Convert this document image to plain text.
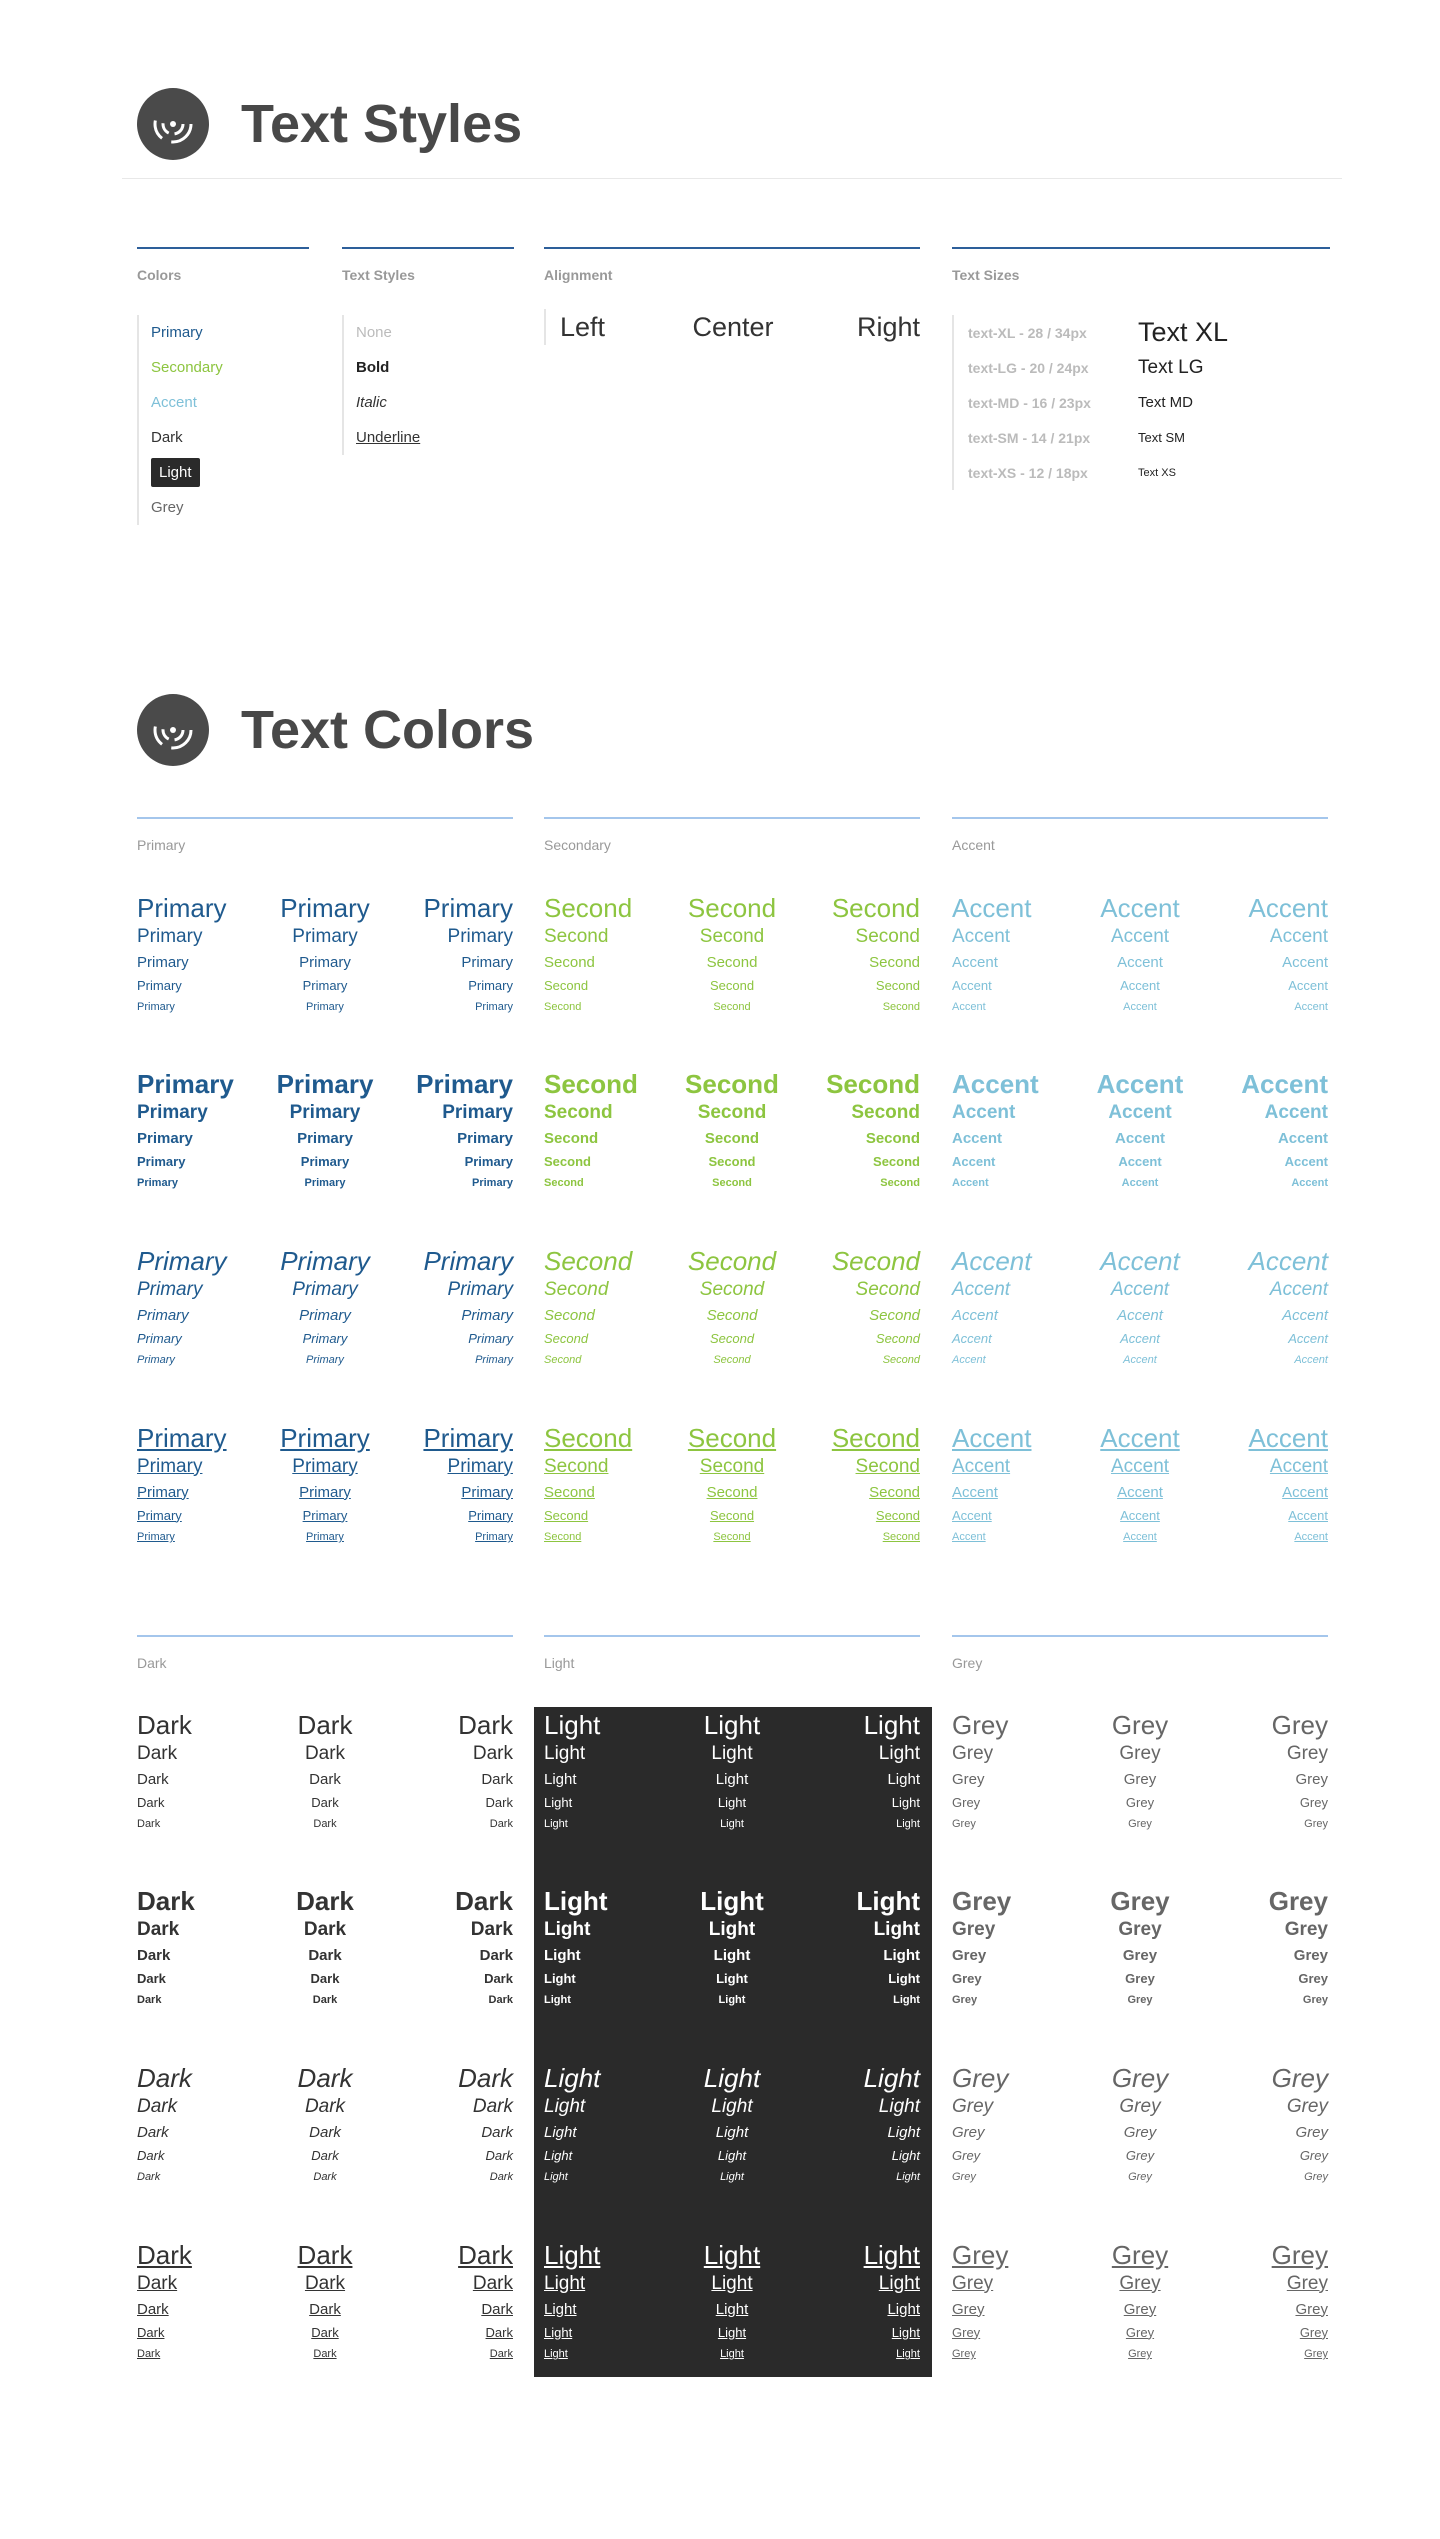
Text Styles
Colors
Primary
Secondary
Accent
Dark
Light
Grey
Text Styles
None
Bold
Italic
Underline
Alignment
Left	Center	Right
Text Sizes
text-XL - 28 / 34px	Text XL
text-LG - 20 / 24px	Text LG
text-MD - 16 / 23px	Text MD
text-SM - 14 / 21px	Text SM
text-XS - 12 / 18px	Text XS
Text Colors
Primary	Secondary	Accent
Dark	Light	Grey
Primary Primary Primary
Primary	Primary	Primary
Primary	Primary	Primary
Primary	Primary	Primary
Primary	Primary	Primary
Primary Primary Primary
Primary	Primary	Primary
Primary	Primary	Primary
Primary	Primary	Primary
Primary	Primary	Primary
Primary Primary Primary
Primary	Primary	Primary
Primary	Primary	Primary
Primary	Primary	Primary
Primary	Primary	Primary
Primary Primary Primary
Primary	Primary	Primary
Primary	Primary	Primary
Primary	Primary	Primary
Primary	Primary	Primary
Second Second Second
Second	Second	Second
Second	Second	Second
Second	Second	Second
Second	Second	Second
Second Second Second
Second	Second	Second
Second	Second	Second
Second	Second	Second
Second	Second	Second
Second Second Second
Second	Second	Second
Second	Second	Second
Second	Second	Second
Second	Second	Second
Second Second Second
Second	Second	Second
Second	Second	Second
Second	Second	Second
Second	Second	Second
Accent	Accent	Accent
Accent	Accent	Accent
Accent	Accent	Accent
Accent	Accent	Accent
Accent	Accent	Accent
Accent Accent Accent
Accent	Accent	Accent
Accent	Accent	Accent
Accent	Accent	Accent
Accent	Accent	Accent
Accent	Accent	Accent
Accent	Accent	Accent
Accent	Accent	Accent
Accent	Accent	Accent
Accent	Accent	Accent
Accent	Accent	Accent
Accent	Accent	Accent
Accent	Accent	Accent
Accent	Accent	Accent
Accent	Accent	Accent
Dark	Dark	Dark
Dark	Dark	Dark
Dark	Dark	Dark
Dark	Dark	Dark
Dark	Dark	Dark
Dark	Dark	Dark
Dark	Dark	Dark
Dark	Dark	Dark
Dark	Dark	Dark
Dark	Dark	Dark
Dark	Dark	Dark
Dark	Dark	Dark
Dark	Dark	Dark
Dark	Dark	Dark
Dark	Dark	Dark
Dark	Dark	Dark
Dark	Dark	Dark
Dark	Dark	Dark
Dark	Dark	Dark
Dark	Dark	Dark
Light	Light	Light
Light	Light	Light
Light	Light	Light
Light	Light	Light
Light	Light	Light
Light	Light	Light
Light	Light	Light
Light	Light	Light
Light	Light	Light
Light	Light	Light
Light	Light	Light
Light	Light	Light
Light	Light	Light
Light	Light	Light
Light	Light	Light
Light	Light	Light
Light	Light	Light
Light	Light	Light
Light	Light	Light
Light	Light	Light
Grey	Grey	Grey
Grey	Grey	Grey
Grey	Grey	Grey
Grey	Grey	Grey
Grey	Grey	Grey
Grey	Grey	Grey
Grey	Grey	Grey
Grey	Grey	Grey
Grey	Grey	Grey
Grey	Grey	Grey
Grey	Grey	Grey
Grey	Grey	Grey
Grey	Grey	Grey
Grey	Grey	Grey
Grey	Grey	Grey
Grey	Grey	Grey
Grey	Grey	Grey
Grey	Grey	Grey
Grey	Grey	Grey
Grey	Grey	Grey
